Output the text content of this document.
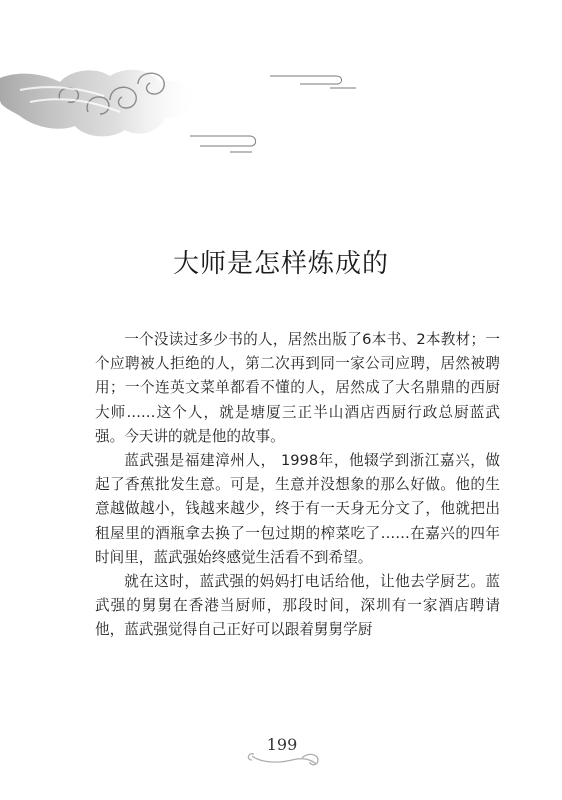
大师是怎样炼成的

一个没读过多少书的人，居然出版了6本书、2本教材；一个应聘被人拒绝的人，第二次再到同一家公司应聘，居然被聘用；一个连英文菜单都看不懂的人，居然成了大名鼎鼎的西厨大师……这个人，就是塘厦三正半山酒店西厨行政总厨蓝武强。今天讲的就是他的故事。

蓝武强是福建漳州人， 1998年，他辍学到浙江嘉兴，做起了香蕉批发生意。可是，生意并没想象的那么好做。他的生意越做越小，钱越来越少，终于有一天身无分文了，他就把出租屋里的酒瓶拿去换了一包过期的榨菜吃了……在嘉兴的四年时间里，蓝武强始终感觉生活看不到希望。

就在这时，蓝武强的妈妈打电话给他，让他去学厨艺。蓝武强的舅舅在香港当厨师，那段时间，深圳有一家酒店聘请他，蓝武强觉得自己正好可以跟着舅舅学厨

199
